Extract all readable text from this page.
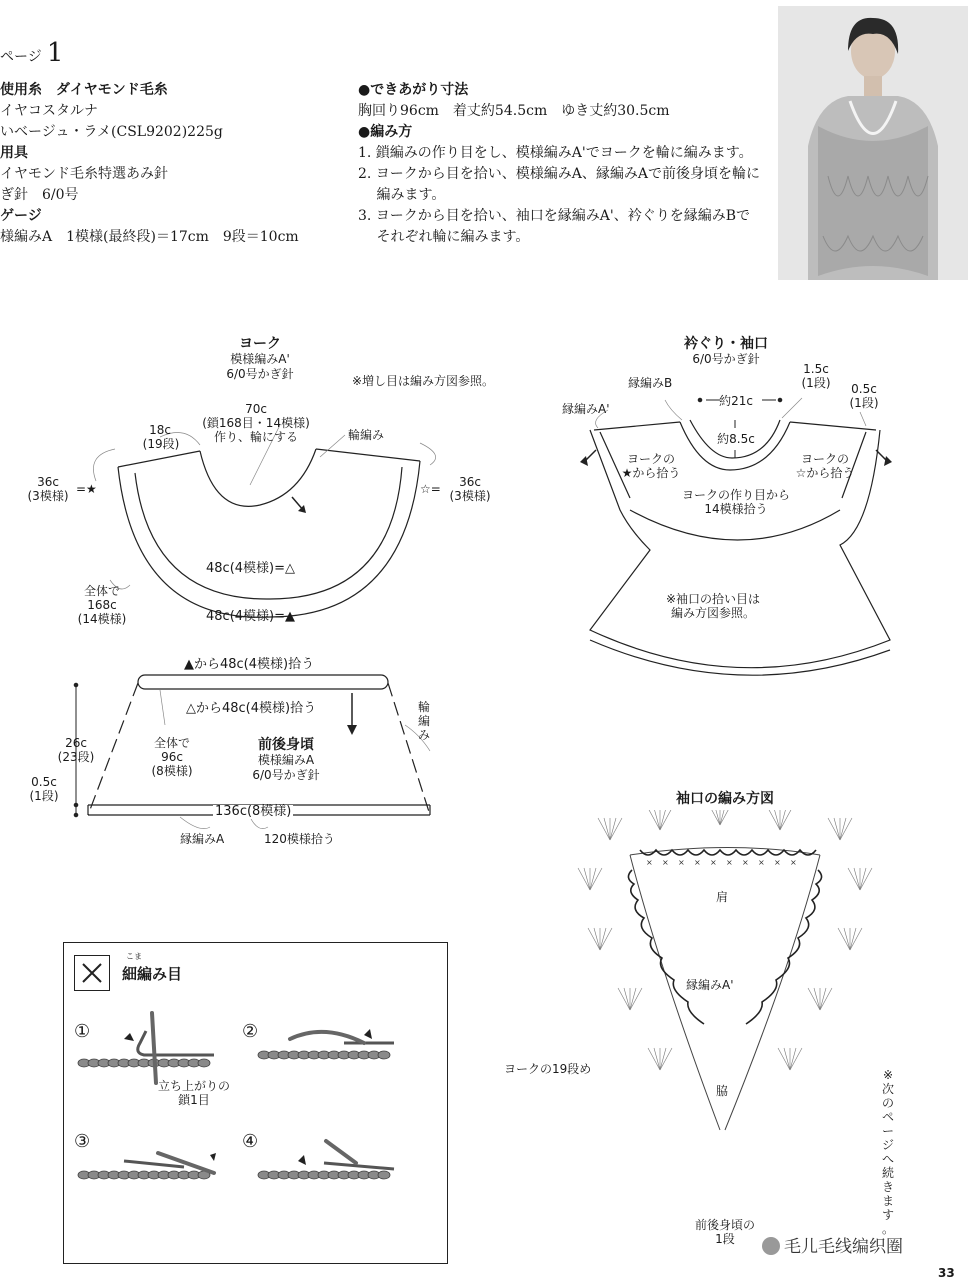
ページ 1
使用糸　ダイヤモンド毛糸
イヤコスタルナ
いベージュ・ラメ(CSL9202)225g
用具
イヤモンド毛糸特選あみ針
ぎ針　6/0号
ゲージ
様編みA　1模様(最終段)＝17cm　9段＝10cm
●できあがり寸法
胸回り96cm　着丈約54.5cm　ゆき丈約30.5cm
●編み方
1. 鎖編みの作り目をし、模様編みA'でヨークを輪に編みます。
2. ヨークから目を拾い、模様編みA、縁編みAで前後身頃を輪に
　 編みます。
3. ヨークから目を拾い、袖口を縁編みA'、衿ぐりを縁編みBで
　 それぞれ輪に編みます。
ヨーク
模様編みA'
6/0号かぎ針	※増し目は編み方図参照。
70c
(鎖168目・14模様)
作り、輪にする
18c
(19段)
輪編み
36c
(3模様) =★	☆=	36c
(3模様)
48c(4模様)=△
全体で
168c
(14模様)	48c(4模様)=▲
▲から48c(4模様)拾う
△から48c(4模様)拾う
26c
(23段)
0.5c
(1段)
全体で
96c
(8模様)
前後身頃
模様編みA
6/0号かぎ針
輪編
み
136c(8模様)
縁編みA	120模様拾う
衿ぐり・袖口
6/0号かぎ針
縁編みB
縁編みA'
1.5c
(1段)	0.5c
(1段)
約21c
約8.5c
ヨークの
★から拾う
ヨークの
☆から拾う
ヨークの作り目から
14模様拾う
※袖口の拾い目は
編み方図参照。
袖口の編み方図
× × × × × × × × × ×
肩
縁編みA'
ヨークの19段め
脇
前後身頃の
1段
※
次
の
ペ
ー
ジ
へ
続
き
ま
す
。
こま
細編み目
①	②
③	④
立ち上がりの
鎖1目
毛儿毛线编织圈
33
